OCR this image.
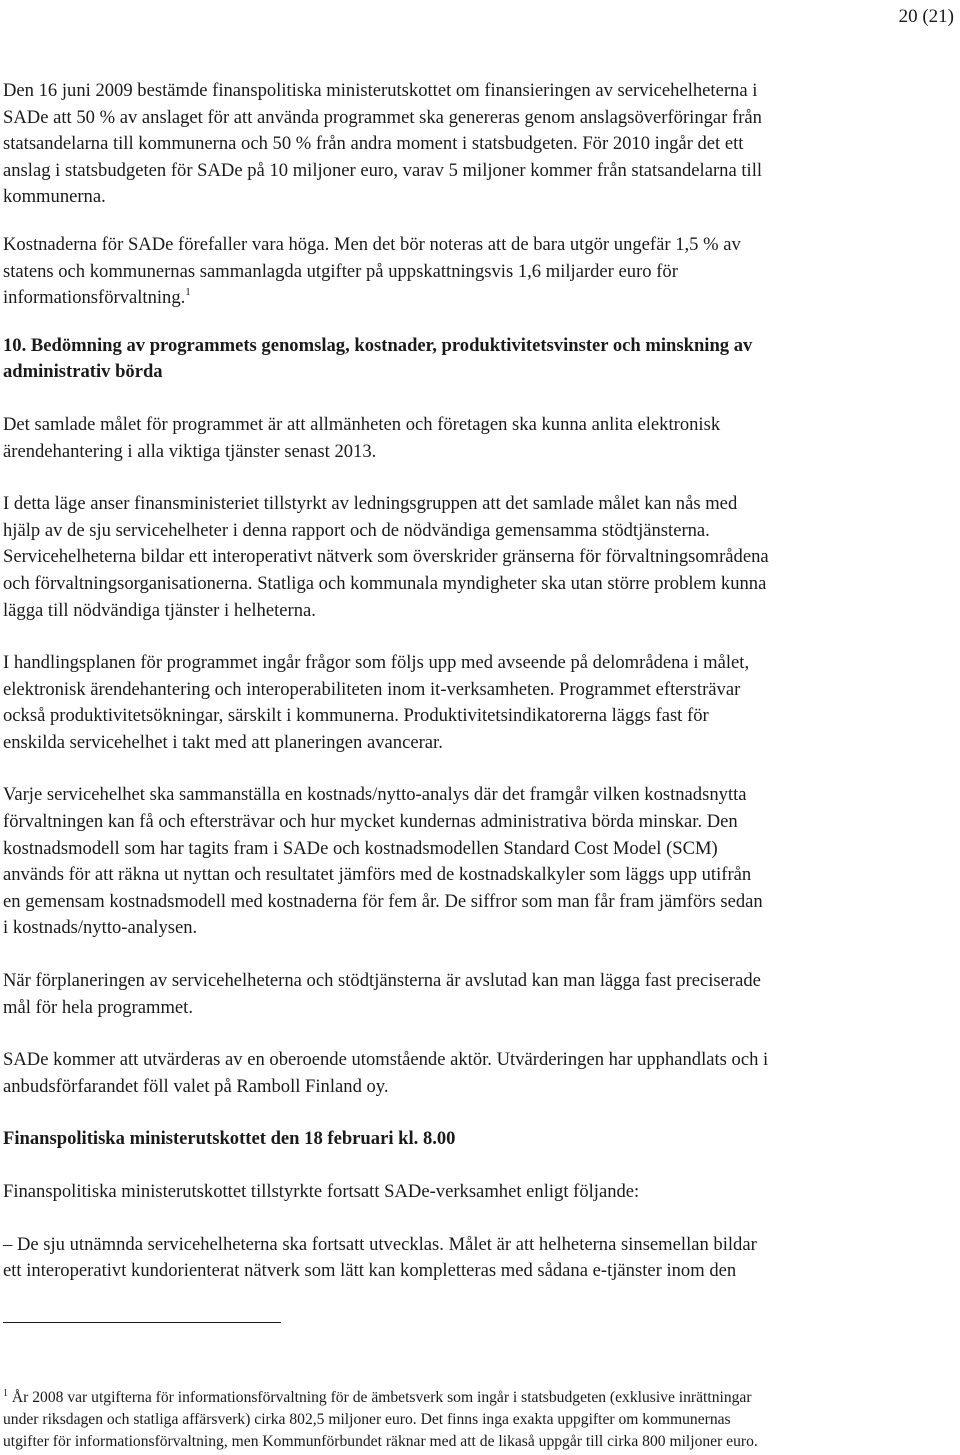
20 (21)

Den 16 juni 2009 bestämde finanspolitiska ministerutskottet om finansieringen av servicehelheterna i
SADe att 50 % av anslaget för att använda programmet ska genereras genom anslagsöverföringar från
statsandelarna till kommunerna och 50 % från andra moment i statsbudgeten. För 2010 ingår det ett
anslag i statsbudgeten för SADe på 10 miljoner euro, varav 5 miljoner kommer från statsandelarna till
kommunerna.

Kostnaderna för SADe förefaller vara höga. Men det bör noteras att de bara utgör ungefär 1,5 % av
statens och kommunernas sammanlagda utgifter på uppskattningsvis 1,6 miljarder euro för
informationsförvaltning.$^1$

10. Bedömning av programmets genomslag, kostnader, produktivitetsvinster och minskning av
administrativ börda

Det samlade målet för programmet är att allmänheten och företagen ska kunna anlita elektronisk
ärendehantering i alla viktiga tjänster senast 2013.

I detta läge anser finansministeriet tillstyrkt av ledningsgruppen att det samlade målet kan nås med
hjälp av de sju servicehelheter i denna rapport och de nödvändiga gemensamma stödtjänsterna.
Servicehelheterna bildar ett interoperativt nätverk som överskrider gränserna för förvaltningsområdena
och förvaltningsorganisationerna. Statliga och kommunala myndigheter ska utan större problem kunna
lägga till nödvändiga tjänster i helheterna.

I handlingsplanen för programmet ingår frågor som följs upp med avseende på delområdena i målet,
elektronisk ärendehantering och interoperabiliteten inom it-verksamheten. Programmet eftersträvar
också produktivitetsökningar, särskilt i kommunerna. Produktivitetsindikatorerna läggs fast för
enskilda servicehelhet i takt med att planeringen avancerar.

Varje servicehelhet ska sammanställa en kostnads/nytto-analys där det framgår vilken kostnadsnytta
förvaltningen kan få och eftersträvar och hur mycket kundernas administrativa börda minskar. Den
kostnadsmodell som har tagits fram i SADe och kostnadsmodellen Standard Cost Model (SCM)
används för att räkna ut nyttan och resultatet jämförs med de kostnadskalkyler som läggs upp utifrån
en gemensam kostnadsmodell med kostnaderna för fem år. De siffror som man får fram jämförs sedan
i kostnads/nytto-analysen.

När förplaneringen av servicehelheterna och stödtjänsterna är avslutad kan man lägga fast preciserade
mål för hela programmet.

SADe kommer att utvärderas av en oberoende utomstående aktör. Utvärderingen har upphandlats och i
anbudsförfarandet föll valet på Ramboll Finland oy.

Finanspolitiska ministerutskottet den 18 februari kl. 8.00

Finanspolitiska ministerutskottet tillstyrkte fortsatt SADe-verksamhet enligt följande:

– De sju utnämnda servicehelheterna ska fortsatt utvecklas. Målet är att helheterna sinsemellan bildar
ett interoperativt kundorienterat nätverk som lätt kan kompletteras med sådana e-tjänster inom den

$^1$ År 2008 var utgifterna för informationsförvaltning för de ämbetsverk som ingår i statsbudgeten (exklusive inrättningar
under riksdagen och statliga affärsverk) cirka 802,5 miljoner euro. Det finns inga exakta uppgifter om kommunernas
utgifter för informationsförvaltning, men Kommunförbundet räknar med att de likaså uppgår till cirka 800 miljoner euro.
